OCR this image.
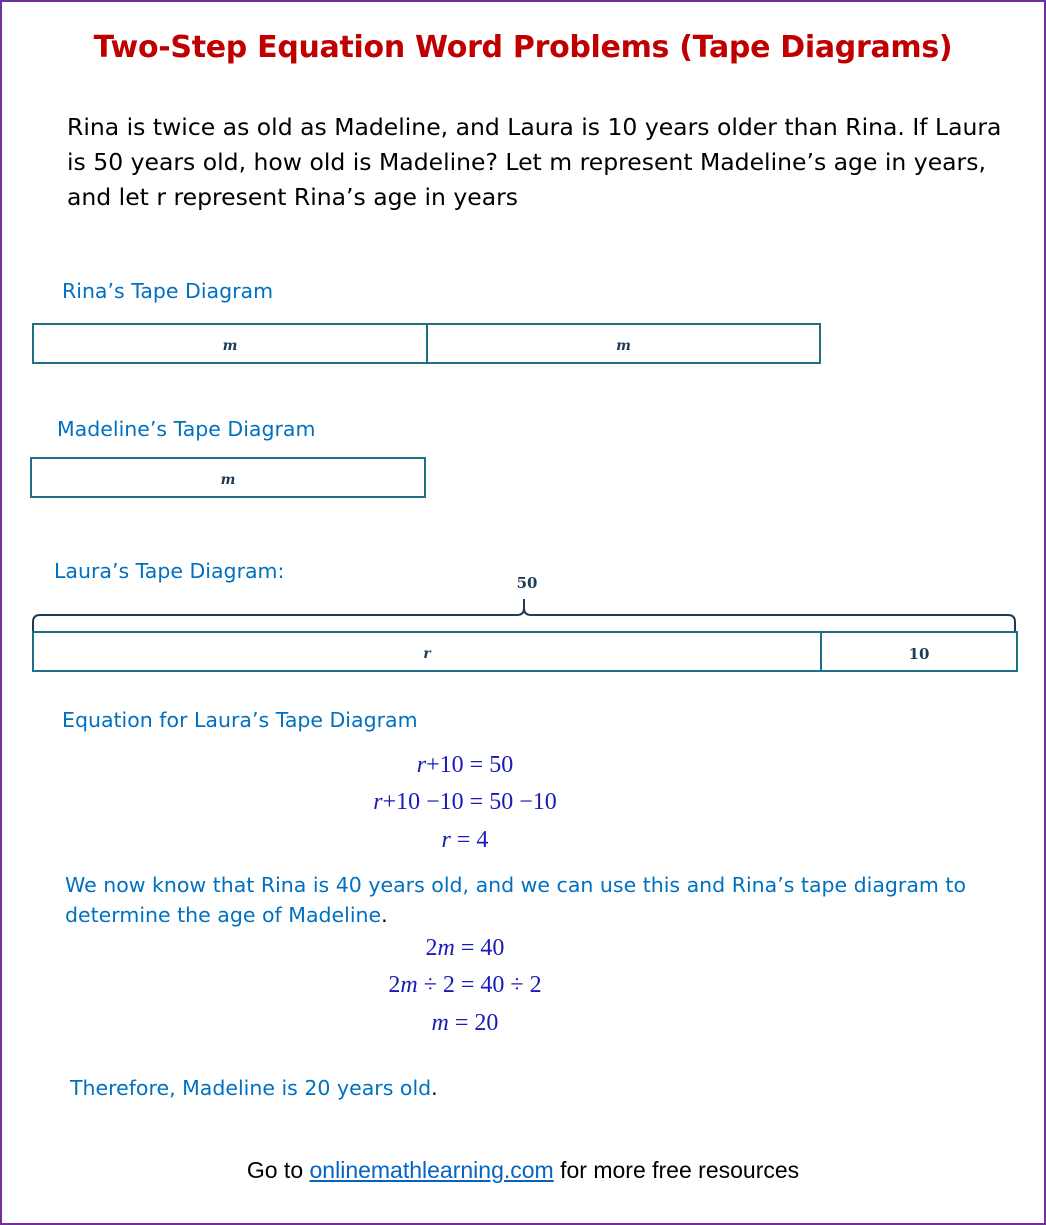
Two-Step Equation Word Problems (Tape Diagrams)
Rina is twice as old as Madeline, and Laura is 10 years older than Rina. If Laura is 50 years old, how old is Madeline? Let m represent Madeline’s age in years, and let r represent Rina’s age in years
Rina’s Tape Diagram
m	m
Madeline’s Tape Diagram
m
Laura’s Tape Diagram:	50
r	10
Equation for Laura’s Tape Diagram
r+10 = 50
r+10 −10 = 50 −10
r = 4
We now know that Rina is 40 years old, and we can use this and Rina’s tape diagram to determine the age of Madeline.
2m = 40
2m ÷ 2 = 40 ÷ 2
m = 20
Therefore, Madeline is 20 years old.
Go to onlinemathlearning.com for more free resources
